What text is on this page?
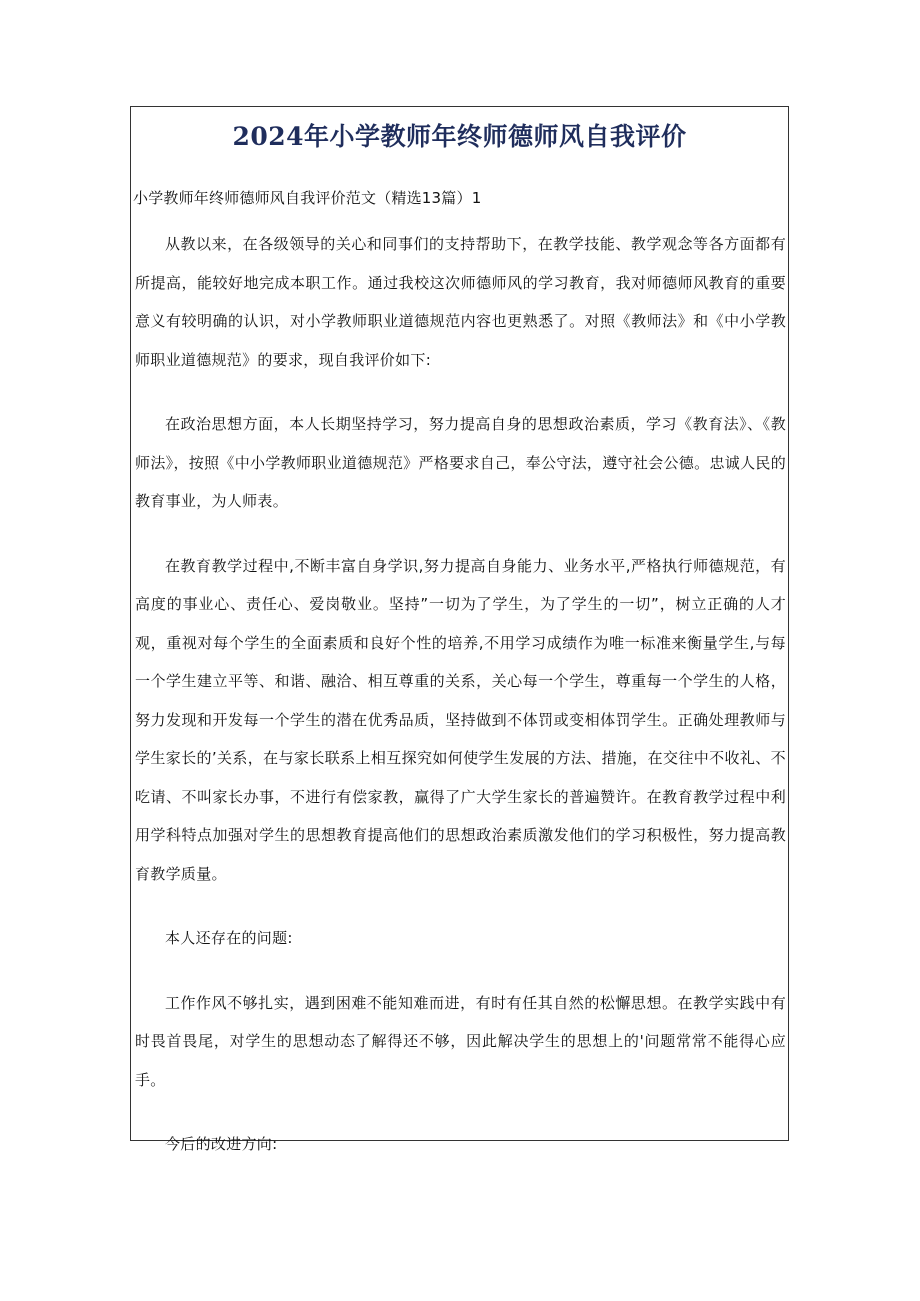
2024年小学教师年终师德师风自我评价
小学教师年终师德师风自我评价范文（精选13篇）1

从教以来，在各级领导的关心和同事们的支持帮助下，在教学技能、教学观念等各方面都有所提高，能较好地完成本职工作。通过我校这次师德师风的学习教育，我对师德师风教育的重要意义有较明确的认识，对小学教师职业道德规范内容也更熟悉了。对照《教师法》和《中小学教师职业道德规范》的要求，现自我评价如下:

在政治思想方面，本人长期坚持学习，努力提高自身的思想政治素质，学习《教育法》、《教师法》，按照《中小学教师职业道德规范》严格要求自己，奉公守法，遵守社会公德。忠诚人民的教育事业，为人师表。

在教育教学过程中,不断丰富自身学识,努力提高自身能力、业务水平,严格执行师德规范，有高度的事业心、责任心、爱岗敬业。坚持”一切为了学生，为了学生的一切”，树立正确的人才观，重视对每个学生的全面素质和良好个性的培养,不用学习成绩作为唯一标准来衡量学生,与每一个学生建立平等、和谐、融洽、相互尊重的关系，关心每一个学生，尊重每一个学生的人格，努力发现和开发每一个学生的潜在优秀品质，坚持做到不体罚或变相体罚学生。正确处理教师与学生家长的’关系，在与家长联系上相互探究如何使学生发展的方法、措施，在交往中不收礼、不吃请、不叫家长办事，不进行有偿家教，赢得了广大学生家长的普遍赞许。在教育教学过程中利用学科特点加强对学生的思想教育提高他们的思想政治素质激发他们的学习积极性，努力提高教育教学质量。

本人还存在的问题:

工作作风不够扎实，遇到困难不能知难而进，有时有任其自然的松懈思想。在教学实践中有时畏首畏尾，对学生的思想动态了解得还不够，因此解决学生的思想上的'问题常常不能得心应手。

今后的改进方向:
